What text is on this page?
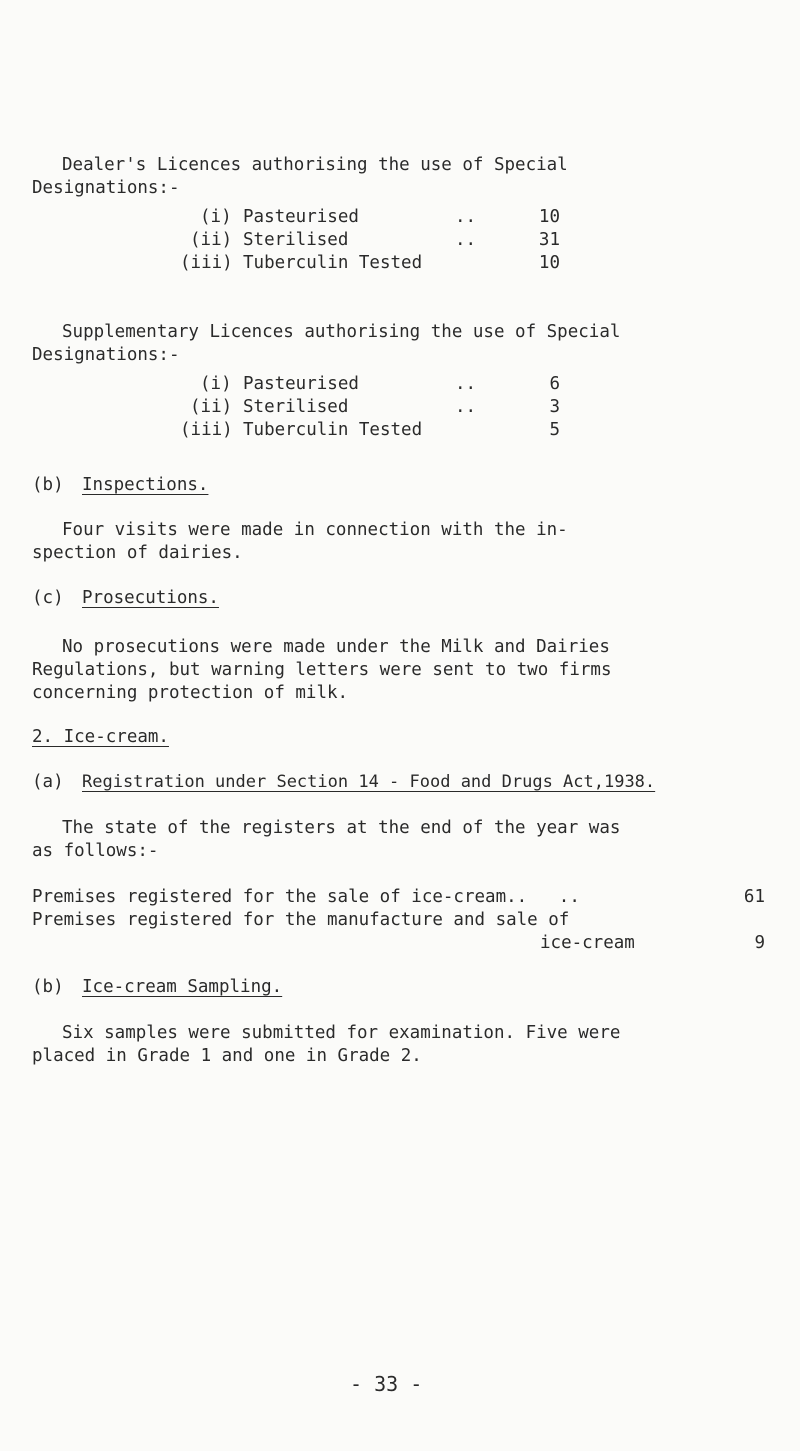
Dealer's Licences authorising the use of Special
Designations:-
(i) Pasteurised	..	10
(ii) Sterilised	..	31
(iii) Tuberculin Tested	10
Supplementary Licences authorising the use of Special
Designations:-
(i) Pasteurised	..	6
(ii) Sterilised	..	3
(iii) Tuberculin Tested	5
(b) Inspections.
Four visits were made in connection with the in-
spection of dairies.
(c) Prosecutions.
No prosecutions were made under the Milk and Dairies
Regulations, but warning letters were sent to two firms
concerning protection of milk.
2. Ice-cream.
(a) Registration under Section 14 - Food and Drugs Act,1938.
The state of the registers at the end of the year was
as follows:-
Premises registered for the sale of ice-cream..   ..	61
Premises registered for the manufacture and sale of
ice-cream	9
(b) Ice-cream Sampling.
Six samples were submitted for examination. Five were
placed in Grade 1 and one in Grade 2.
- 33 -
